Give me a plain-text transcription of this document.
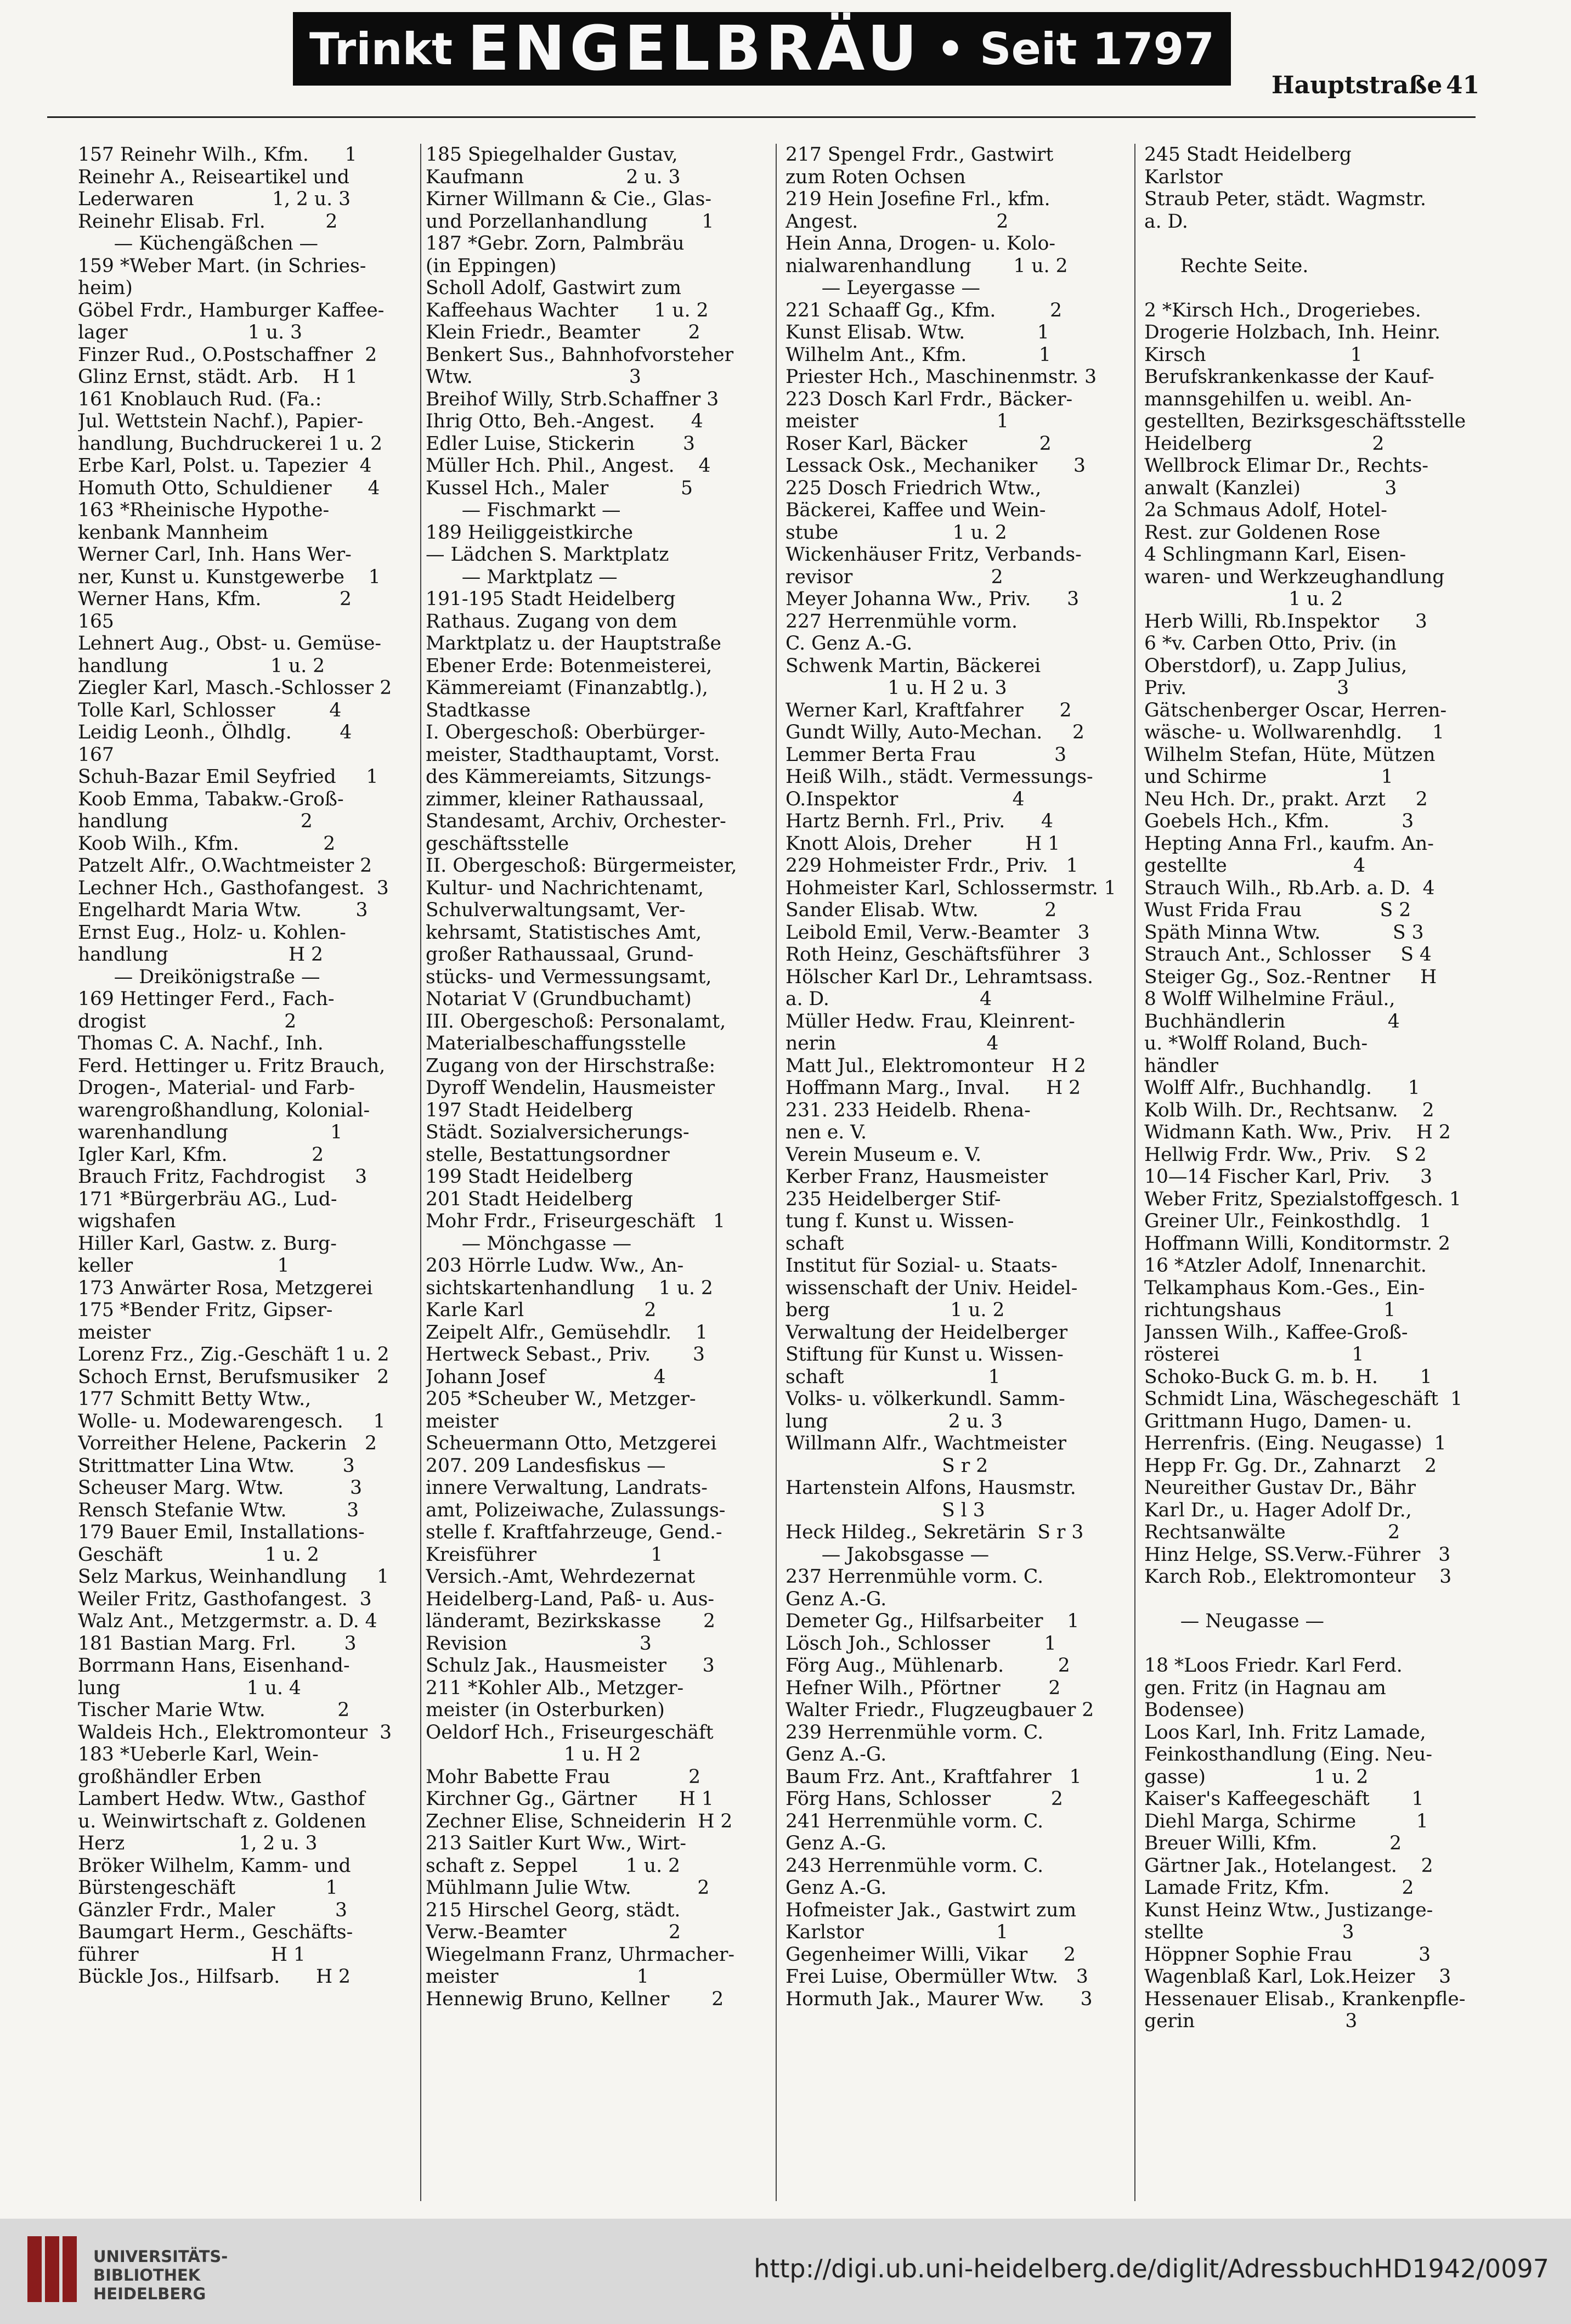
Trinkt ENGELBRÄU • Seit 1797
Hauptstraße 41
157 Reinehr Wilh., Kfm.      1
Reinehr A., Reiseartikel und
Lederwaren             1, 2 u. 3
Reinehr Elisab. Frl.          2
— Küchengäßchen —
159 *Weber Mart. (in Schries-
heim)
Göbel Frdr., Hamburger Kaffee-
lager                    1 u. 3
Finzer Rud., O.Postschaffner  2
Glinz Ernst, städt. Arb.    H 1
161 Knoblauch Rud. (Fa.:
Jul. Wettstein Nachf.), Papier-
handlung, Buchdruckerei 1 u. 2
Erbe Karl, Polst. u. Tapezier  4
Homuth Otto, Schuldiener      4
163 *Rheinische Hypothe-
kenbank Mannheim
Werner Carl, Inh. Hans Wer-
ner, Kunst u. Kunstgewerbe    1
Werner Hans, Kfm.             2
165
Lehnert Aug., Obst- u. Gemüse-
handlung                 1 u. 2
Ziegler Karl, Masch.-Schlosser 2
Tolle Karl, Schlosser         4
Leidig Leonh., Ölhdlg.        4
167
Schuh-Bazar Emil Seyfried     1
Koob Emma, Tabakw.-Groß-
handlung                      2
Koob Wilh., Kfm.              2
Patzelt Alfr., O.Wachtmeister 2
Lechner Hch., Gasthofangest.  3
Engelhardt Maria Wtw.         3
Ernst Eug., Holz- u. Kohlen-
handlung                    H 2
— Dreikönigstraße —
169 Hettinger Ferd., Fach-
drogist                       2
Thomas C. A. Nachf., Inh.
Ferd. Hettinger u. Fritz Brauch,
Drogen-, Material- und Farb-
warengroßhandlung, Kolonial-
warenhandlung                 1
Igler Karl, Kfm.              2
Brauch Fritz, Fachdrogist     3
171 *Bürgerbräu AG., Lud-
wigshafen
Hiller Karl, Gastw. z. Burg-
keller                        1
173 Anwärter Rosa, Metzgerei
175 *Bender Fritz, Gipser-
meister
Lorenz Frz., Zig.-Geschäft 1 u. 2
Schoch Ernst, Berufsmusiker   2
177 Schmitt Betty Wtw.,
Wolle- u. Modewarengesch.     1
Vorreither Helene, Packerin   2
Strittmatter Lina Wtw.        3
Scheuser Marg. Wtw.           3
Rensch Stefanie Wtw.          3
179 Bauer Emil, Installations-
Geschäft                 1 u. 2
Selz Markus, Weinhandlung     1
Weiler Fritz, Gasthofangest.  3
Walz Ant., Metzgermstr. a. D. 4
181 Bastian Marg. Frl.        3
Borrmann Hans, Eisenhand-
lung                     1 u. 4
Tischer Marie Wtw.            2
Waldeis Hch., Elektromonteur  3
183 *Ueberle Karl, Wein-
großhändler Erben
Lambert Hedw. Wtw., Gasthof
u. Weinwirtschaft z. Goldenen
Herz                   1, 2 u. 3
Bröker Wilhelm, Kamm- und
Bürstengeschäft               1
Gänzler Frdr., Maler          3
Baumgart Herm., Geschäfts-
führer                      H 1
Bückle Jos., Hilfsarb.      H 2
185 Spiegelhalder Gustav,
Kaufmann                 2 u. 3
Kirner Willmann & Cie., Glas-
und Porzellanhandlung         1
187 *Gebr. Zorn, Palmbräu
(in Eppingen)
Scholl Adolf, Gastwirt zum
Kaffeehaus Wachter      1 u. 2
Klein Friedr., Beamter        2
Benkert Sus., Bahnhofvorsteher
Wtw.                          3
Breihof Willy, Strb.Schaffner 3
Ihrig Otto, Beh.-Angest.      4
Edler Luise, Stickerin        3
Müller Hch. Phil., Angest.    4
Kussel Hch., Maler            5
— Fischmarkt —
189 Heiliggeistkirche
— Lädchen S. Marktplatz
— Marktplatz —
191-195 Stadt Heidelberg
Rathaus. Zugang von dem
Marktplatz u. der Hauptstraße
Ebener Erde: Botenmeisterei,
Kämmereiamt (Finanzabtlg.),
Stadtkasse
I. Obergeschoß: Oberbürger-
meister, Stadthauptamt, Vorst.
des Kämmereiamts, Sitzungs-
zimmer, kleiner Rathaussaal,
Standesamt, Archiv, Orchester-
geschäftsstelle
II. Obergeschoß: Bürgermeister,
Kultur- und Nachrichtenamt,
Schulverwaltungsamt, Ver-
kehrsamt, Statistisches Amt,
großer Rathaussaal, Grund-
stücks- und Vermessungsamt,
Notariat V (Grundbuchamt)
III. Obergeschoß: Personalamt,
Materialbeschaffungsstelle
Zugang von der Hirschstraße:
Dyroff Wendelin, Hausmeister
197 Stadt Heidelberg
Städt. Sozialversicherungs-
stelle, Bestattungsordner
199 Stadt Heidelberg
201 Stadt Heidelberg
Mohr Frdr., Friseurgeschäft   1
— Mönchgasse —
203 Hörrle Ludw. Ww., An-
sichtskartenhandlung    1 u. 2
Karle Karl                    2
Zeipelt Alfr., Gemüsehdlr.    1
Hertweck Sebast., Priv.       3
Johann Josef                  4
205 *Scheuber W., Metzger-
meister
Scheuermann Otto, Metzgerei
207. 209 Landesfiskus —
innere Verwaltung, Landrats-
amt, Polizeiwache, Zulassungs-
stelle f. Kraftfahrzeuge, Gend.-
Kreisführer                   1
Versich.-Amt, Wehrdezernat
Heidelberg-Land, Paß- u. Aus-
länderamt, Bezirkskasse       2
Revision                      3
Schulz Jak., Hausmeister      3
211 *Kohler Alb., Metzger-
meister (in Osterburken)
Oeldorf Hch., Friseurgeschäft
1 u. H 2
Mohr Babette Frau             2
Kirchner Gg., Gärtner       H 1
Zechner Elise, Schneiderin  H 2
213 Saitler Kurt Ww., Wirt-
schaft z. Seppel        1 u. 2
Mühlmann Julie Wtw.           2
215 Hirschel Georg, städt.
Verw.-Beamter                 2
Wiegelmann Franz, Uhrmacher-
meister                       1
Hennewig Bruno, Kellner       2
217 Spengel Frdr., Gastwirt
zum Roten Ochsen
219 Hein Josefine Frl., kfm.
Angest.                       2
Hein Anna, Drogen- u. Kolo-
nialwarenhandlung       1 u. 2
— Leyergasse —
221 Schaaff Gg., Kfm.         2
Kunst Elisab. Wtw.            1
Wilhelm Ant., Kfm.            1
Priester Hch., Maschinenmstr. 3
223 Dosch Karl Frdr., Bäcker-
meister                       1
Roser Karl, Bäcker            2
Lessack Osk., Mechaniker      3
225 Dosch Friedrich Wtw.,
Bäckerei, Kaffee und Wein-
stube                   1 u. 2
Wickenhäuser Fritz, Verbands-
revisor                       2
Meyer Johanna Ww., Priv.      3
227 Herrenmühle vorm.
C. Genz A.-G.
Schwenk Martin, Bäckerei
1 u. H 2 u. 3
Werner Karl, Kraftfahrer      2
Gundt Willy, Auto-Mechan.     2
Lemmer Berta Frau             3
Heiß Wilh., städt. Vermessungs-
O.Inspektor                   4
Hartz Bernh. Frl., Priv.      4
Knott Alois, Dreher         H 1
229 Hohmeister Frdr., Priv.   1
Hohmeister Karl, Schlossermstr. 1
Sander Elisab. Wtw.           2
Leibold Emil, Verw.-Beamter   3
Roth Heinz, Geschäftsführer   3
Hölscher Karl Dr., Lehramtsass.
a. D.                         4
Müller Hedw. Frau, Kleinrent-
nerin                         4
Matt Jul., Elektromonteur   H 2
Hoffmann Marg., Inval.      H 2
231. 233 Heidelb. Rhena-
nen e. V.
Verein Museum e. V.
Kerber Franz, Hausmeister
235 Heidelberger Stif-
tung f. Kunst u. Wissen-
schaft
Institut für Sozial- u. Staats-
wissenschaft der Univ. Heidel-
berg                    1 u. 2
Verwaltung der Heidelberger
Stiftung für Kunst u. Wissen-
schaft                        1
Volks- u. völkerkundl. Samm-
lung                    2 u. 3
Willmann Alfr., Wachtmeister
S r 2
Hartenstein Alfons, Hausmstr.
S l 3
Heck Hildeg., Sekretärin  S r 3
— Jakobsgasse —
237 Herrenmühle vorm. C.
Genz A.-G.
Demeter Gg., Hilfsarbeiter    1
Lösch Joh., Schlosser         1
Förg Aug., Mühlenarb.         2
Hefner Wilh., Pförtner        2
Walter Friedr., Flugzeugbauer 2
239 Herrenmühle vorm. C.
Genz A.-G.
Baum Frz. Ant., Kraftfahrer   1
Förg Hans, Schlosser          2
241 Herrenmühle vorm. C.
Genz A.-G.
243 Herrenmühle vorm. C.
Genz A.-G.
Hofmeister Jak., Gastwirt zum
Karlstor                      1
Gegenheimer Willi, Vikar      2
Frei Luise, Obermüller Wtw.   3
Hormuth Jak., Maurer Ww.      3
245 Stadt Heidelberg
Karlstor
Straub Peter, städt. Wagmstr.
a. D.
Rechte Seite.
2 *Kirsch Hch., Drogeriebes.
Drogerie Holzbach, Inh. Heinr.
Kirsch                        1
Berufskrankenkasse der Kauf-
mannsgehilfen u. weibl. An-
gestellten, Bezirksgeschäftsstelle
Heidelberg                    2
Wellbrock Elimar Dr., Rechts-
anwalt (Kanzlei)              3
2a Schmaus Adolf, Hotel-
Rest. zur Goldenen Rose
4 Schlingmann Karl, Eisen-
waren- und Werkzeughandlung
1 u. 2
Herb Willi, Rb.Inspektor      3
6 *v. Carben Otto, Priv. (in
Oberstdorf), u. Zapp Julius,
Priv.                         3
Gätschenberger Oscar, Herren-
wäsche- u. Wollwarenhdlg.     1
Wilhelm Stefan, Hüte, Mützen
und Schirme                   1
Neu Hch. Dr., prakt. Arzt     2
Goebels Hch., Kfm.            3
Hepting Anna Frl., kaufm. An-
gestellte                     4
Strauch Wilh., Rb.Arb. a. D.  4
Wust Frida Frau             S 2
Späth Minna Wtw.            S 3
Strauch Ant., Schlosser     S 4
Steiger Gg., Soz.-Rentner     H
8 Wolff Wilhelmine Fräul.,
Buchhändlerin                 4
u. *Wolff Roland, Buch-
händler
Wolff Alfr., Buchhandlg.      1
Kolb Wilh. Dr., Rechtsanw.    2
Widmann Kath. Ww., Priv.    H 2
Hellwig Frdr. Ww., Priv.    S 2
10—14 Fischer Karl, Priv.     3
Weber Fritz, Spezialstoffgesch. 1
Greiner Ulr., Feinkosthdlg.   1
Hoffmann Willi, Konditormstr. 2
16 *Atzler Adolf, Innenarchit.
Telkamphaus Kom.-Ges., Ein-
richtungshaus                 1
Janssen Wilh., Kaffee-Groß-
rösterei                      1
Schoko-Buck G. m. b. H.       1
Schmidt Lina, Wäschegeschäft  1
Grittmann Hugo, Damen- u.
Herrenfris. (Eing. Neugasse)  1
Hepp Fr. Gg. Dr., Zahnarzt    2
Neureither Gustav Dr., Bähr
Karl Dr., u. Hager Adolf Dr.,
Rechtsanwälte                 2
Hinz Helge, SS.Verw.-Führer   3
Karch Rob., Elektromonteur    3
— Neugasse —
18 *Loos Friedr. Karl Ferd.
gen. Fritz (in Hagnau am
Bodensee)
Loos Karl, Inh. Fritz Lamade,
Feinkosthandlung (Eing. Neu-
gasse)                  1 u. 2
Kaiser's Kaffeegeschäft       1
Diehl Marga, Schirme          1
Breuer Willi, Kfm.            2
Gärtner Jak., Hotelangest.    2
Lamade Fritz, Kfm.            2
Kunst Heinz Wtw., Justizange-
stellte                       3
Höppner Sophie Frau           3
Wagenblaß Karl, Lok.Heizer    3
Hessenauer Elisab., Krankenpfle-
gerin                         3
UNIVERSITÄTS-
BIBLIOTHEK
HEIDELBERG
http://digi.ub.uni-heidelberg.de/diglit/AdressbuchHD1942/0097
